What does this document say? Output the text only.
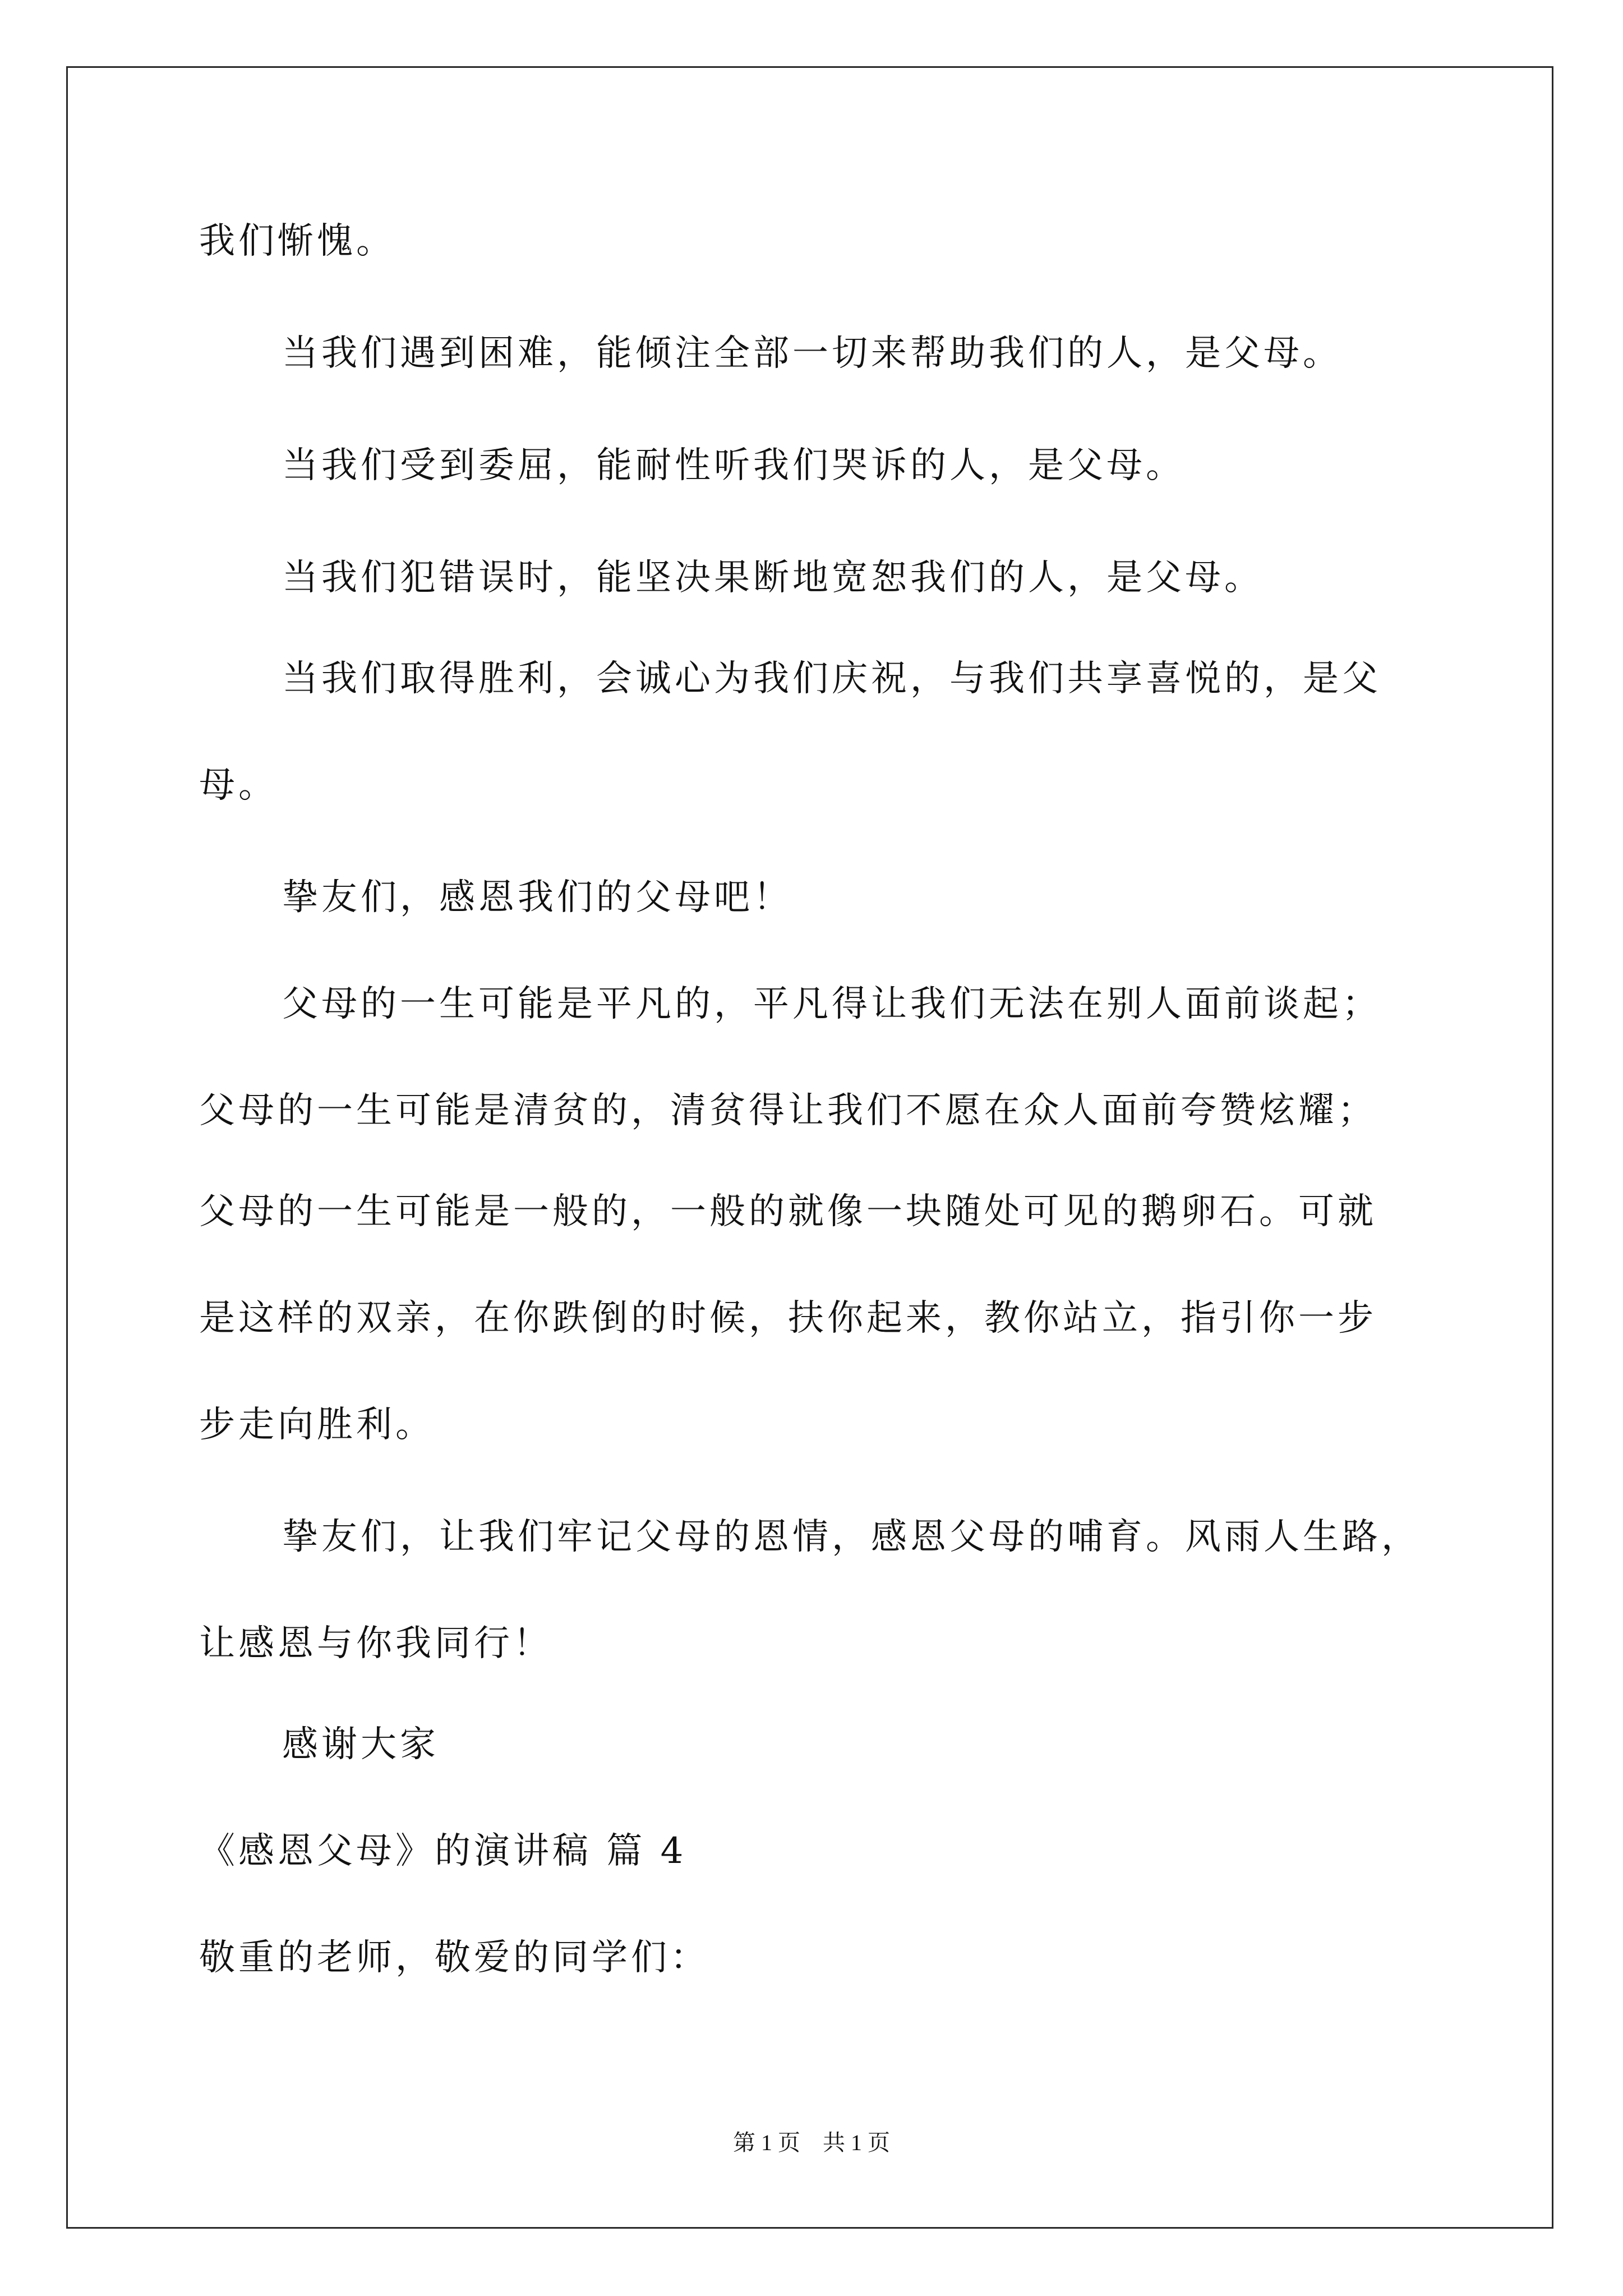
我们惭愧。
当我们遇到困难，能倾注全部一切来帮助我们的人，是父母。
当我们受到委屈，能耐性听我们哭诉的人，是父母。
当我们犯错误时，能坚决果断地宽恕我们的人，是父母。
当我们取得胜利，会诚心为我们庆祝，与我们共享喜悦的，是父
母。
挚友们，感恩我们的父母吧！
父母的一生可能是平凡的，平凡得让我们无法在别人面前谈起；
父母的一生可能是清贫的，清贫得让我们不愿在众人面前夸赞炫耀；
父母的一生可能是一般的，一般的就像一块随处可见的鹅卵石。可就
是这样的双亲，在你跌倒的时候，扶你起来，教你站立，指引你一步
步走向胜利。
挚友们，让我们牢记父母的恩情，感恩父母的哺育。风雨人生路，
让感恩与你我同行！
感谢大家
《感恩父母》的演讲稿 篇 4
敬重的老师，敬爱的同学们：
第 1 页　共 1 页
